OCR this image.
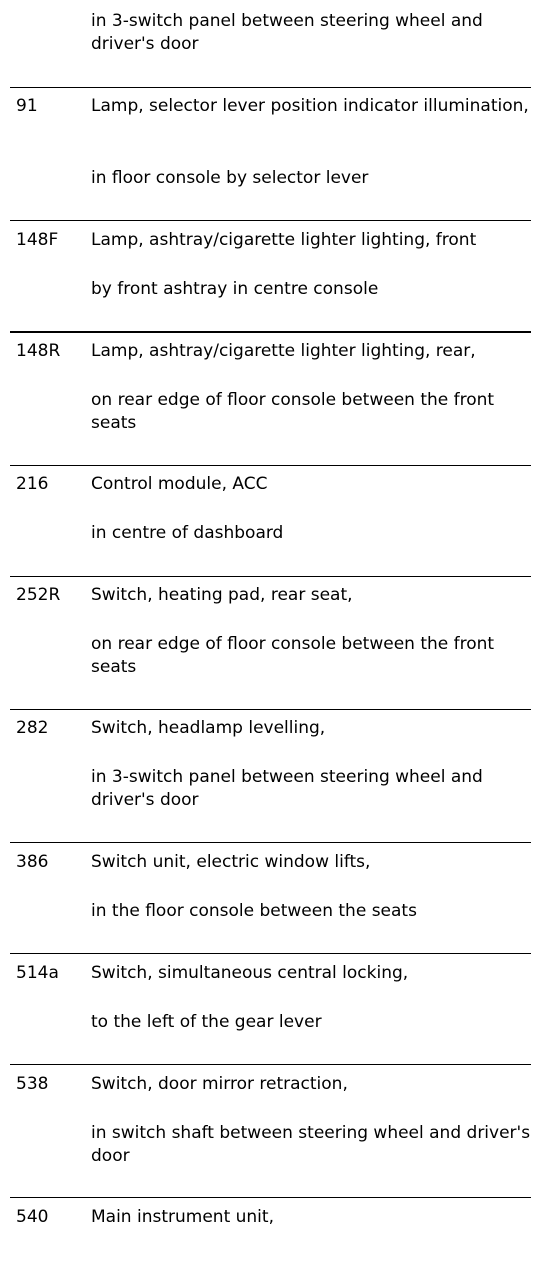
in 3-switch panel between steering wheel and driver's door
91	Lamp, selector lever position indicator illumination,
in floor console by selector lever
148F Lamp, ashtray/cigarette lighter lighting, front
by front ashtray in centre console
148R Lamp, ashtray/cigarette lighter lighting, rear,
on rear edge of floor console between the front seats
216	Control module, ACC
in centre of dashboard
252R Switch, heating pad, rear seat,
on rear edge of floor console between the front seats
282	Switch, headlamp levelling,
in 3-switch panel between steering wheel and driver's door
386	Switch unit, electric window lifts,
in the floor console between the seats
514a Switch, simultaneous central locking,
to the left of the gear lever
538	Switch, door mirror retraction,
in switch shaft between steering wheel and driver's door
540	Main instrument unit,
